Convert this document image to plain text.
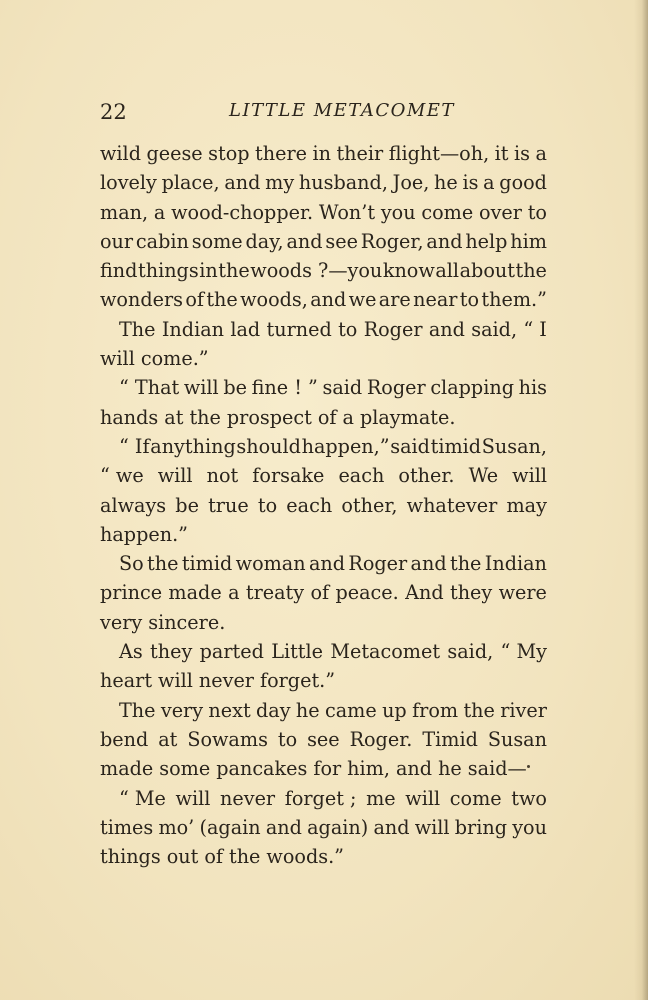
22	LITTLE METACOMET
wild geese stop there in their flight—oh, it is a
lovely place, and my husband, Joe, he is a good
man, a wood-chopper. Won’t you come over to
our cabin some day, and see Roger, and help him
find things in the woods ?—you know all about the
wonders of the woods, and we are near to them.”
The Indian lad turned to Roger and said, “ I
will come.”
“ That will be fine ! ” said Roger clapping his
hands at the prospect of a playmate.
“ If anything should happen,” said timid Susan,
“ we will not forsake each other. We will
always be true to each other, whatever may
happen.”
So the timid woman and Roger and the Indian
prince made a treaty of peace. And they were
very sincere.
As they parted Little Metacomet said, “ My
heart will never forget.”
The very next day he came up from the river
bend at Sowams to see Roger. Timid Susan
made some pancakes for him, and he said—
“ Me will never forget ; me will come two
times mo’ (again and again) and will bring you
things out of the woods.”
